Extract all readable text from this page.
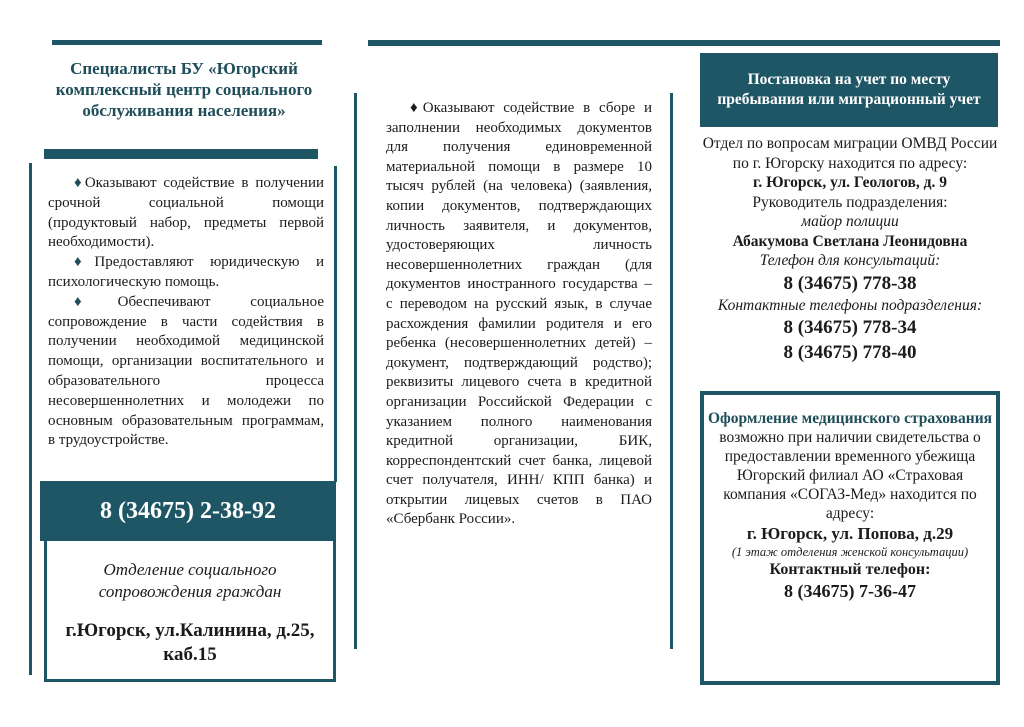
Специалисты БУ «Югорский комплексный центр социального обслуживания населения»

♦Оказывают содействие в получении срочной социальной помощи (продуктовый набор, предметы первой необходимости).

♦Предоставляют юридическую и психологическую помощь.

♦Обеспечивают социальное сопровождение в части содействия в получении необходимой медицинской помощи, организации воспитательного и образовательного процесса несовершеннолетних и молодежи по основным образовательным программам, в трудоустройстве.

8 (34675) 2-38-92
Отделение социального сопровождения граждан
г.Югорск, ул.Калинина, д.25, каб.15

♦Оказывают содействие в сборе и заполнении необходимых документов для получения единовременной материальной помощи в размере 10 тысяч рублей (на человека) (заявления, копии документов, подтверждающих личность заявителя, и документов, удостоверяющих личность несовершеннолетних граждан (для документов иностранного государства – с переводом на русский язык, в случае расхождения фамилии родителя и его ребенка (несовершеннолетних детей) – документ, подтверждающий родство); реквизиты лицевого счета в кредитной организации Российской Федерации с указанием полного наименования кредитной организации, БИК, корреспондентский счет банка, лицевой счет получателя, ИНН/ КПП банка) и открытии лицевых счетов в ПАО «Сбербанк России».

Постановка на учет по месту пребывания или миграционный учет
Отдел по вопросам миграции ОМВД России по г. Югорску находится по адресу:
г. Югорск, ул. Геологов, д. 9
Руководитель подразделения:
майор полиции
Абакумова Светлана Леонидовна
Телефон для консультаций:
8 (34675) 778-38
Контактные телефоны подразделения:
8 (34675) 778-34
8 (34675) 778-40
Оформление медицинского страхования возможно при наличии свидетельства о предоставлении временного убежища Югорский филиал АО «Страховая компания «СОГАЗ-Мед» находится по адресу:
г. Югорск, ул. Попова, д.29
(1 этаж отделения женской консультации)
Контактный телефон:
8 (34675) 7-36-47
